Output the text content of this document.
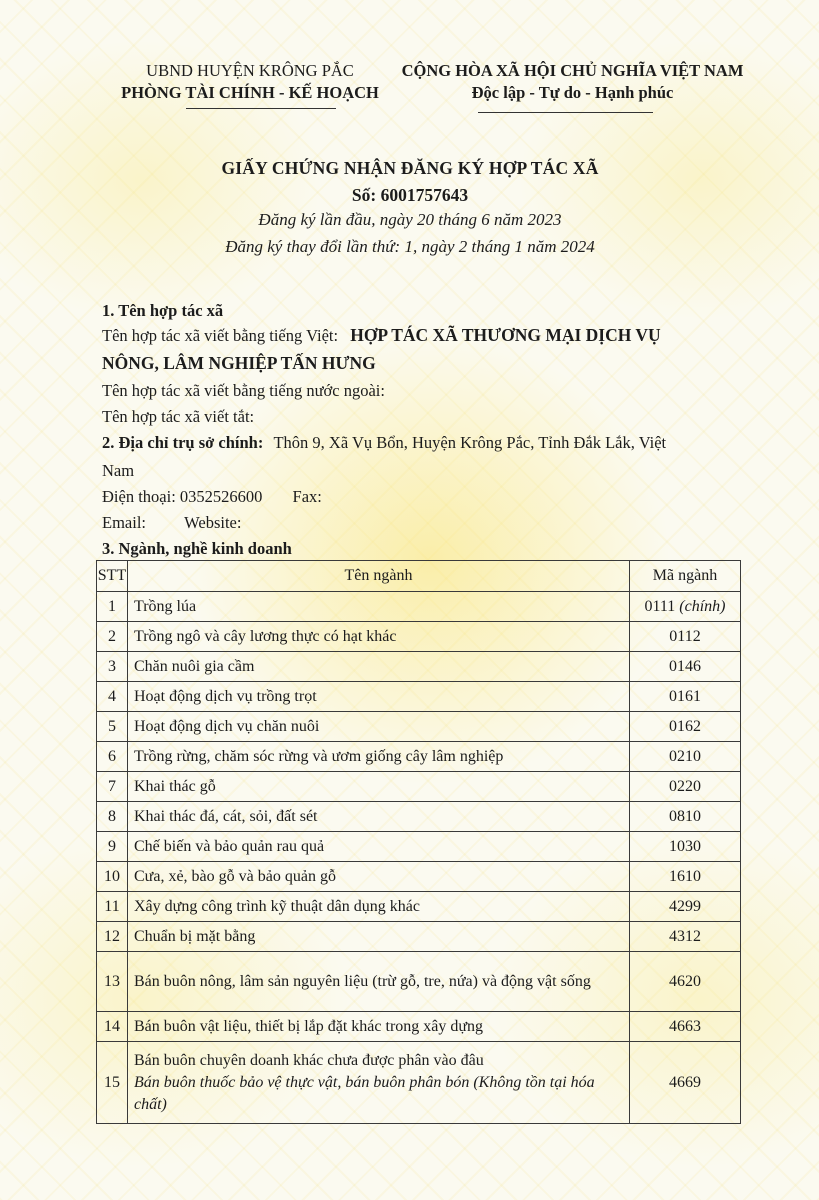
UBND HUYỆN KRÔNG PẮC
PHÒNG TÀI CHÍNH - KẾ HOẠCH
CỘNG HÒA XÃ HỘI CHỦ NGHĨA VIỆT NAM
Độc lập - Tự do - Hạnh phúc
GIẤY CHỨNG NHẬN ĐĂNG KÝ HỢP TÁC XÃ
Số: 6001757643
Đăng ký lần đầu, ngày 20 tháng 6 năm 2023
Đăng ký thay đổi lần thứ: 1, ngày 2 tháng 1 năm 2024
1. Tên hợp tác xã
Tên hợp tác xã viết bằng tiếng Việt: HỢP TÁC XÃ THƯƠNG MẠI DỊCH VỤ
NÔNG, LÂM NGHIỆP TẤN HƯNG
Tên hợp tác xã viết bằng tiếng nước ngoài:
Tên hợp tác xã viết tắt:
2. Địa chỉ trụ sở chính: Thôn 9, Xã Vụ Bổn, Huyện Krông Pắc, Tỉnh Đắk Lắk, Việt
Nam
Điện thoại: 0352526600 Fax:
Email: Website:
3. Ngành, nghề kinh doanh
STT	Tên ngành	Mã ngành
1	Trồng lúa	0111 (chính)
2	Trồng ngô và cây lương thực có hạt khác	0112
3	Chăn nuôi gia cầm	0146
4	Hoạt động dịch vụ trồng trọt	0161
5	Hoạt động dịch vụ chăn nuôi	0162
6	Trồng rừng, chăm sóc rừng và ươm giống cây lâm nghiệp	0210
7	Khai thác gỗ	0220
8	Khai thác đá, cát, sỏi, đất sét	0810
9	Chế biến và bảo quản rau quả	1030
10	Cưa, xẻ, bào gỗ và bảo quản gỗ	1610
11	Xây dựng công trình kỹ thuật dân dụng khác	4299
12	Chuẩn bị mặt bằng	4312
13	Bán buôn nông, lâm sản nguyên liệu (trừ gỗ, tre, nứa) và động vật sống	4620
14	Bán buôn vật liệu, thiết bị lắp đặt khác trong xây dựng	4663
15	Bán buôn chuyên doanh khác chưa được phân vào đâu
Bán buôn thuốc bảo vệ thực vật, bán buôn phân bón (Không tồn tại hóa chất)	4669
